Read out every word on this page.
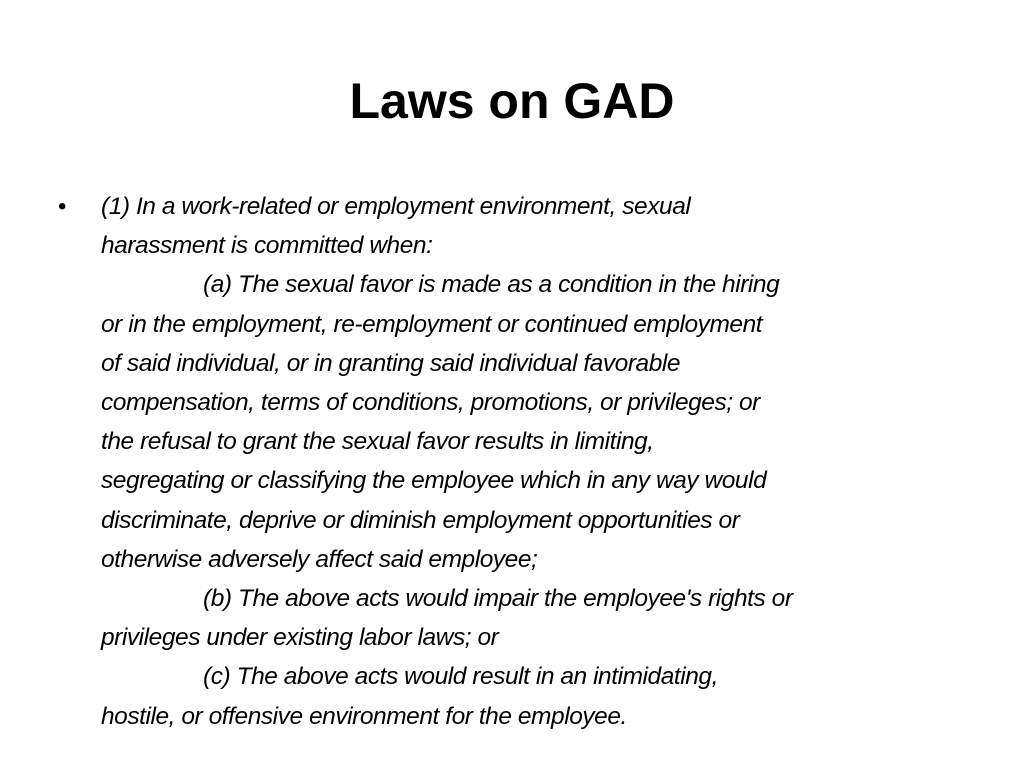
Laws on GAD
• (1) In a work-related or employment environment, sexual
harassment is committed when:
(a) The sexual favor is made as a condition in the hiring
or in the employment, re-employment or continued employment
of said individual, or in granting said individual favorable
compensation, terms of conditions, promotions, or privileges; or
the refusal to grant the sexual favor results in limiting,
segregating or classifying the employee which in any way would
discriminate, deprive or diminish employment opportunities or
otherwise adversely affect said employee;
(b) The above acts would impair the employee's rights or
privileges under existing labor laws; or
(c) The above acts would result in an intimidating,
hostile, or offensive environment for the employee.
